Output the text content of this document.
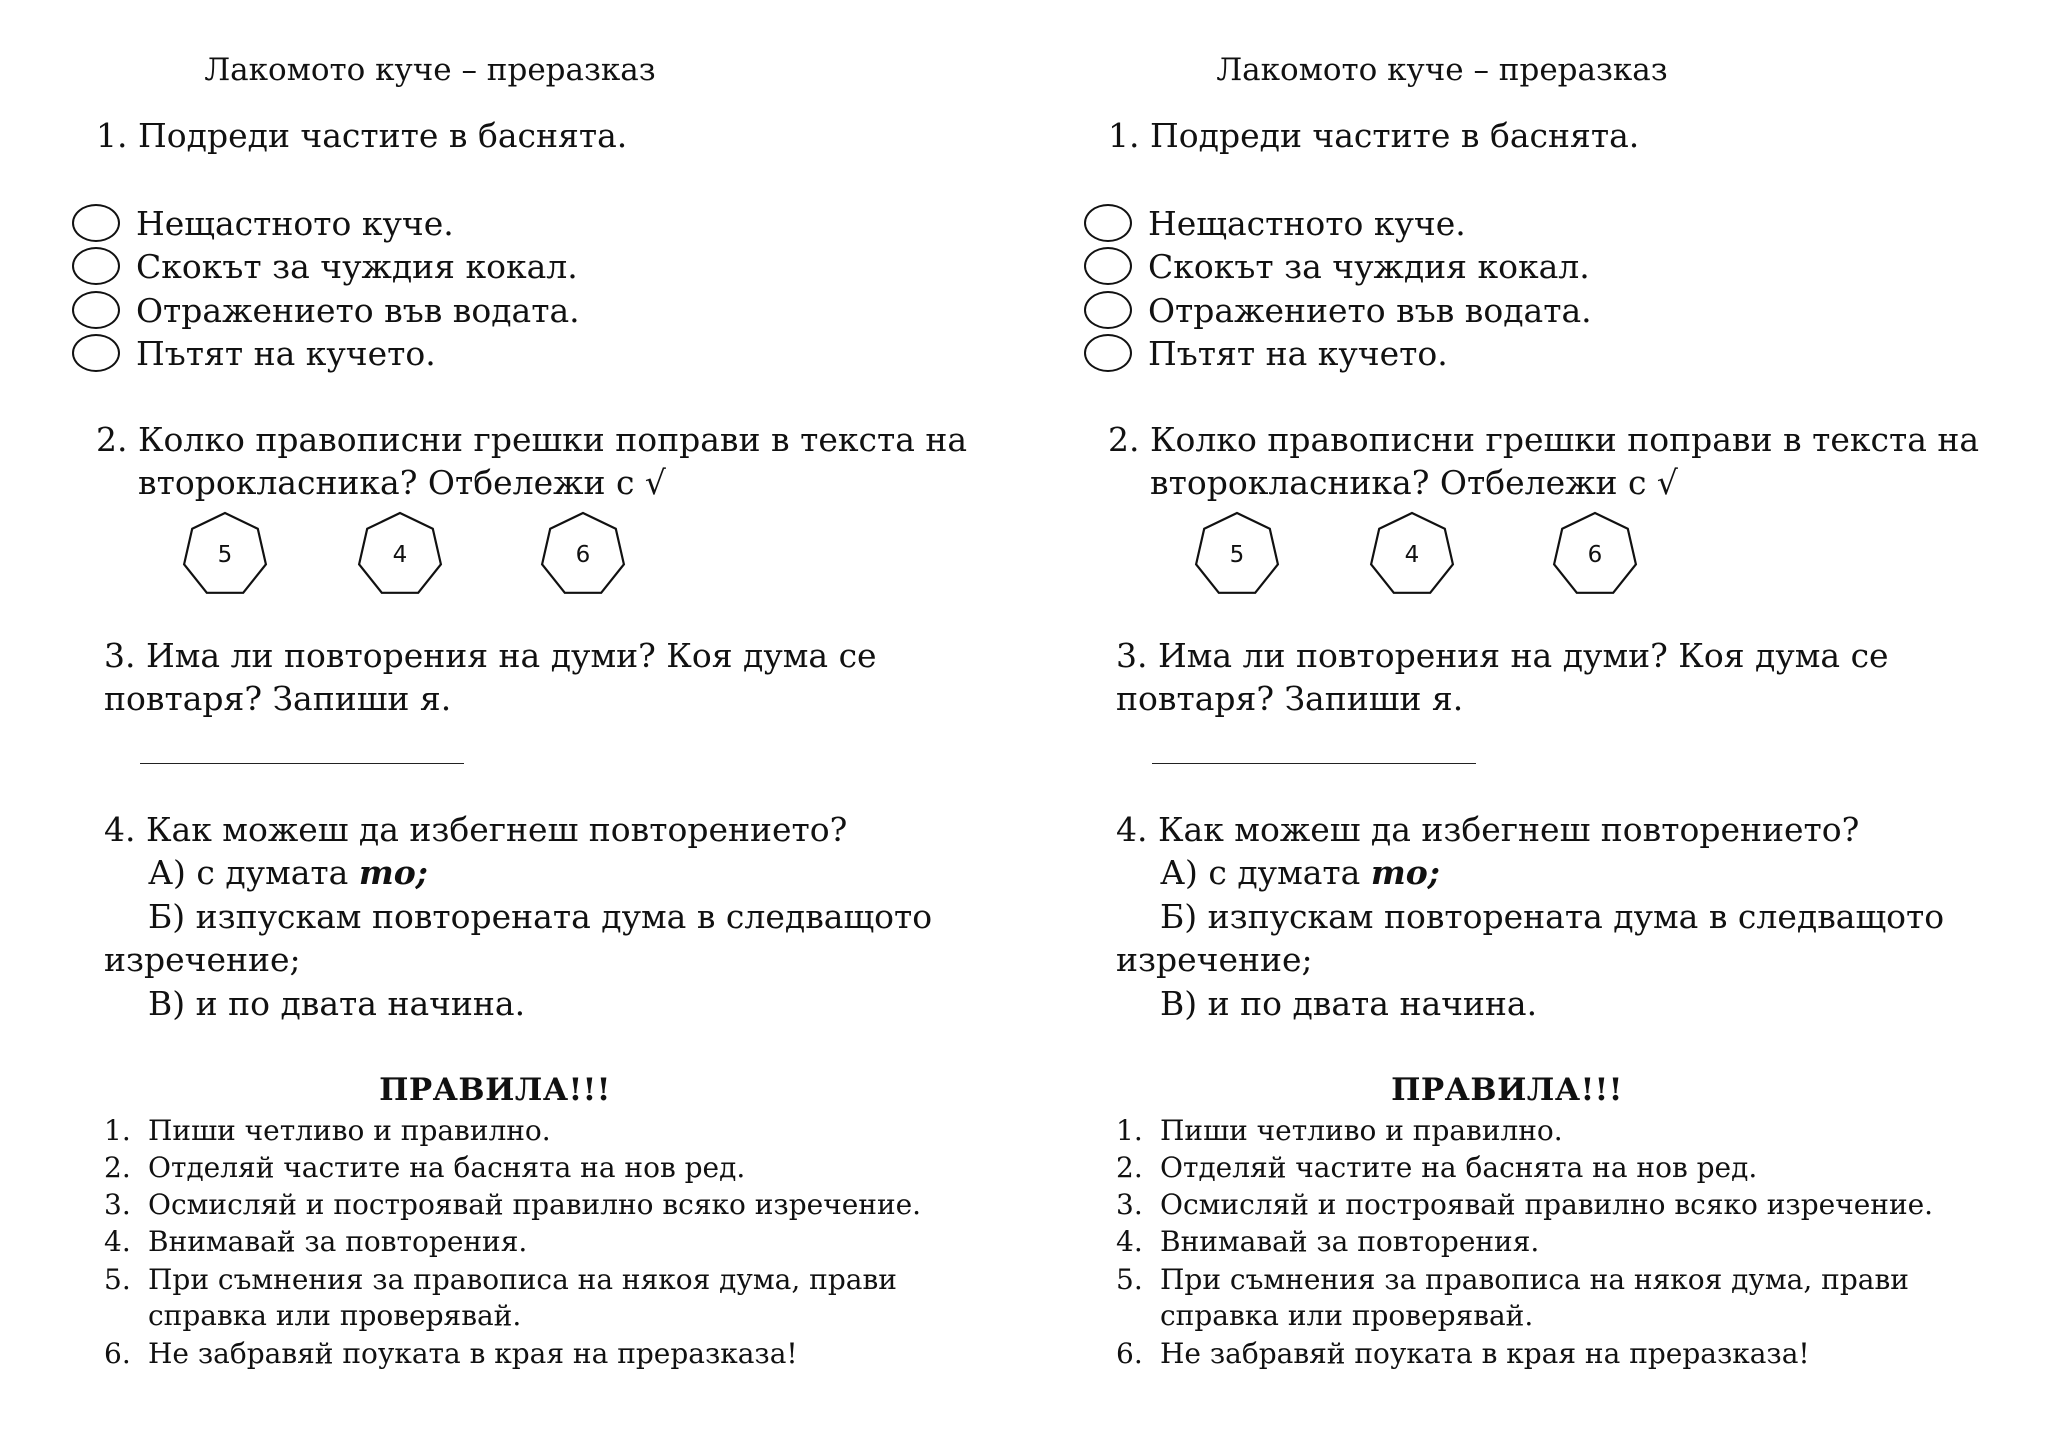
Лакомото куче – преразказ
1. Подреди частите в баснята.
Нещастното куче.
Скокът за чуждия кокал.
Отражението във водата.
Пътят на кучето.
2. Колко правописни грешки поправи в текста на
второкласника? Отбележи с √
5	4	6
3. Има ли повторения на думи? Коя дума се
повтаря? Запиши я.
4. Как можеш да избегнеш повторението?
А) с думата то;
Б) изпускам повторената дума в следващото
изречение;
В) и по двата начина.
ПРАВИЛА!!!
1. Пиши четливо и правилно.
2. Отделяй частите на баснята на нов ред.
3. Осмисляй и построявай правилно всяко изречение.
4. Внимавай за повторения.
5. При съмнения за правописа на някоя дума, прави
справка или проверявай.
6. Не забравяй поуката в края на преразказа!
Лакомото куче – преразказ
1. Подреди частите в баснята.
Нещастното куче.
Скокът за чуждия кокал.
Отражението във водата.
Пътят на кучето.
2. Колко правописни грешки поправи в текста на
второкласника? Отбележи с √
5	4	6
3. Има ли повторения на думи? Коя дума се
повтаря? Запиши я.
4. Как можеш да избегнеш повторението?
А) с думата то;
Б) изпускам повторената дума в следващото
изречение;
В) и по двата начина.
ПРАВИЛА!!!
1. Пиши четливо и правилно.
2. Отделяй частите на баснята на нов ред.
3. Осмисляй и построявай правилно всяко изречение.
4. Внимавай за повторения.
5. При съмнения за правописа на някоя дума, прави
справка или проверявай.
6. Не забравяй поуката в края на преразказа!
